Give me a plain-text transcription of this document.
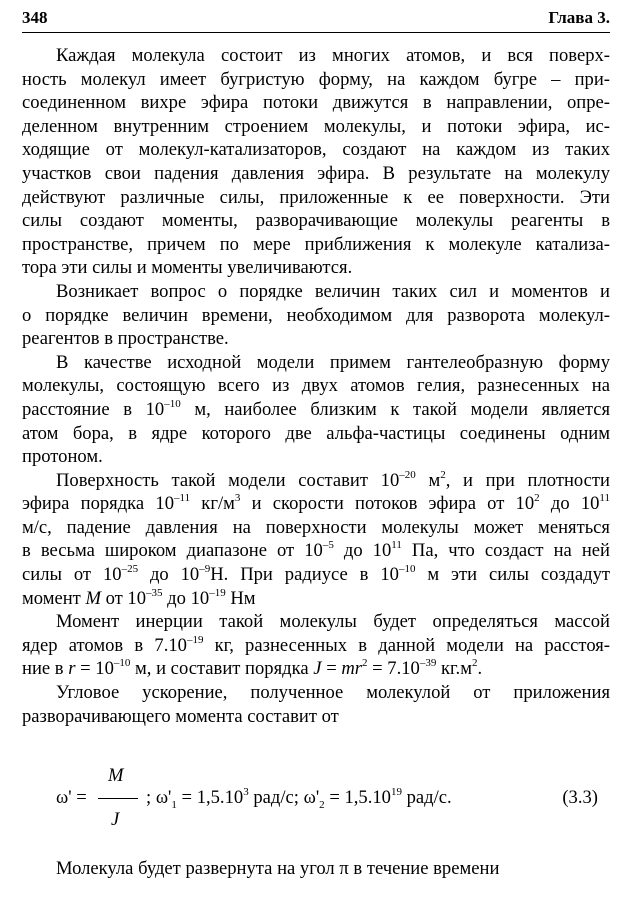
348	Глава 3.
Каждая молекула состоит из многих атомов, и вся поверх-
ность молекул имеет бугристую форму, на каждом бугре – при-
соединенном вихре эфира потоки движутся в направлении, опре-
деленном внутренним строением молекулы, и потоки эфира, ис-
ходящие от молекул-катализаторов, создают на каждом из таких
участков свои падения давления эфира. В результате на молекулу
действуют различные силы, приложенные к ее поверхности. Эти
силы создают моменты, разворачивающие молекулы реагенты в
пространстве, причем по мере приближения к молекуле катализа-
тора эти силы и моменты увеличиваются.
Возникает вопрос о порядке величин таких сил и моментов и
о порядке величин времени, необходимом для разворота молекул-
реагентов в пространстве.
В качестве исходной модели примем гантелеобразную форму
молекулы, состоящую всего из двух атомов гелия, разнесенных на
расстояние в $10^{-10}$ м, наиболее близким к такой модели является
атом бора, в ядре которого две альфа-частицы соединены одним
протоном.
Поверхность такой модели составит $10^{-20}$ $м^2$, и при плотности
эфира порядка $10^{-11}$ $кг/м^3$ и скорости потоков эфира от $10^2$ до $10^{11}$
м/с, падение давления на поверхности молекулы может меняться
в весьма широком диапазоне от $10^{-5}$ до $10^{11}$ Па, что создаст на ней
силы от $10^{-25}$ до $10^{-9}Н$. При радиусе в $10^{-10}$ м эти силы создадут
момент M от $10^{-35}$ до $10^{-19}$ Нм
Момент инерции такой молекулы будет определяться массой
ядер атомов в $7.10^{-19}$ кг, разнесенных в данной модели на расстоя-
ние в $r = 10^{-10}$ м, и составит порядка $J = mr^2 = 7.10^{-39}$ $кг.м^2$.
Угловое ускорение, полученное молекулой от приложения
разворачивающего момента составит от
M
J
ω' =	; $\omega'_1 = 1,5.10^3$ рад/с; $\omega'_2 = 1,5.10^{19}$ рад/с.	(3.3)
Молекула будет развернута на угол π в течение времени
